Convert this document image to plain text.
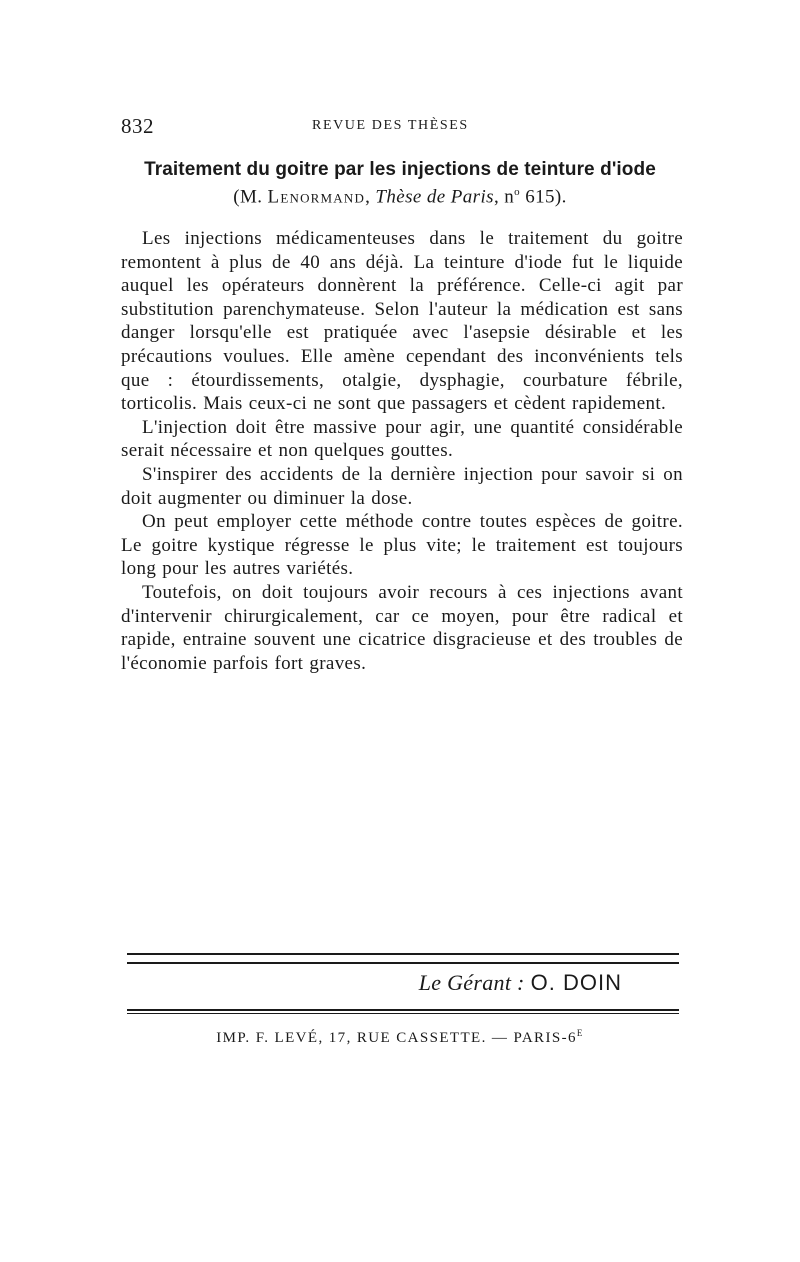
832	REVUE DES THÈSES
Traitement du goitre par les injections de teinture d'iode
(M. Lenormand, Thèse de Paris, $n^o$ 615).

Les injections médicamenteuses dans le traitement du goitre remontent à plus de 40 ans déjà. La teinture d'iode fut le liquide auquel les opérateurs donnèrent la préférence. Celle-ci agit par substitution parenchymateuse. Selon l'auteur la médication est sans danger lorsqu'elle est pratiquée avec l'asepsie désirable et les précautions voulues. Elle amène cependant des inconvénients tels que : étourdissements, otalgie, dysphagie, courbature fébrile, torticolis. Mais ceux-ci ne sont que passagers et cèdent rapidement.

L'injection doit être massive pour agir, une quantité considérable serait nécessaire et non quelques gouttes.

S'inspirer des accidents de la dernière injection pour savoir si on doit augmenter ou diminuer la dose.

On peut employer cette méthode contre toutes espèces de goitre. Le goitre kystique régresse le plus vite; le traitement est toujours long pour les autres variétés.

Toutefois, on doit toujours avoir recours à ces injections avant d'intervenir chirurgicalement, car ce moyen, pour être radical et rapide, entraine souvent une cicatrice disgracieuse et des troubles de l'économie parfois fort graves.

Le Gérant : O. DOIN
IMP. F. LEVÉ, 17, RUE CASSETTE. — PARIS-$6^E$
